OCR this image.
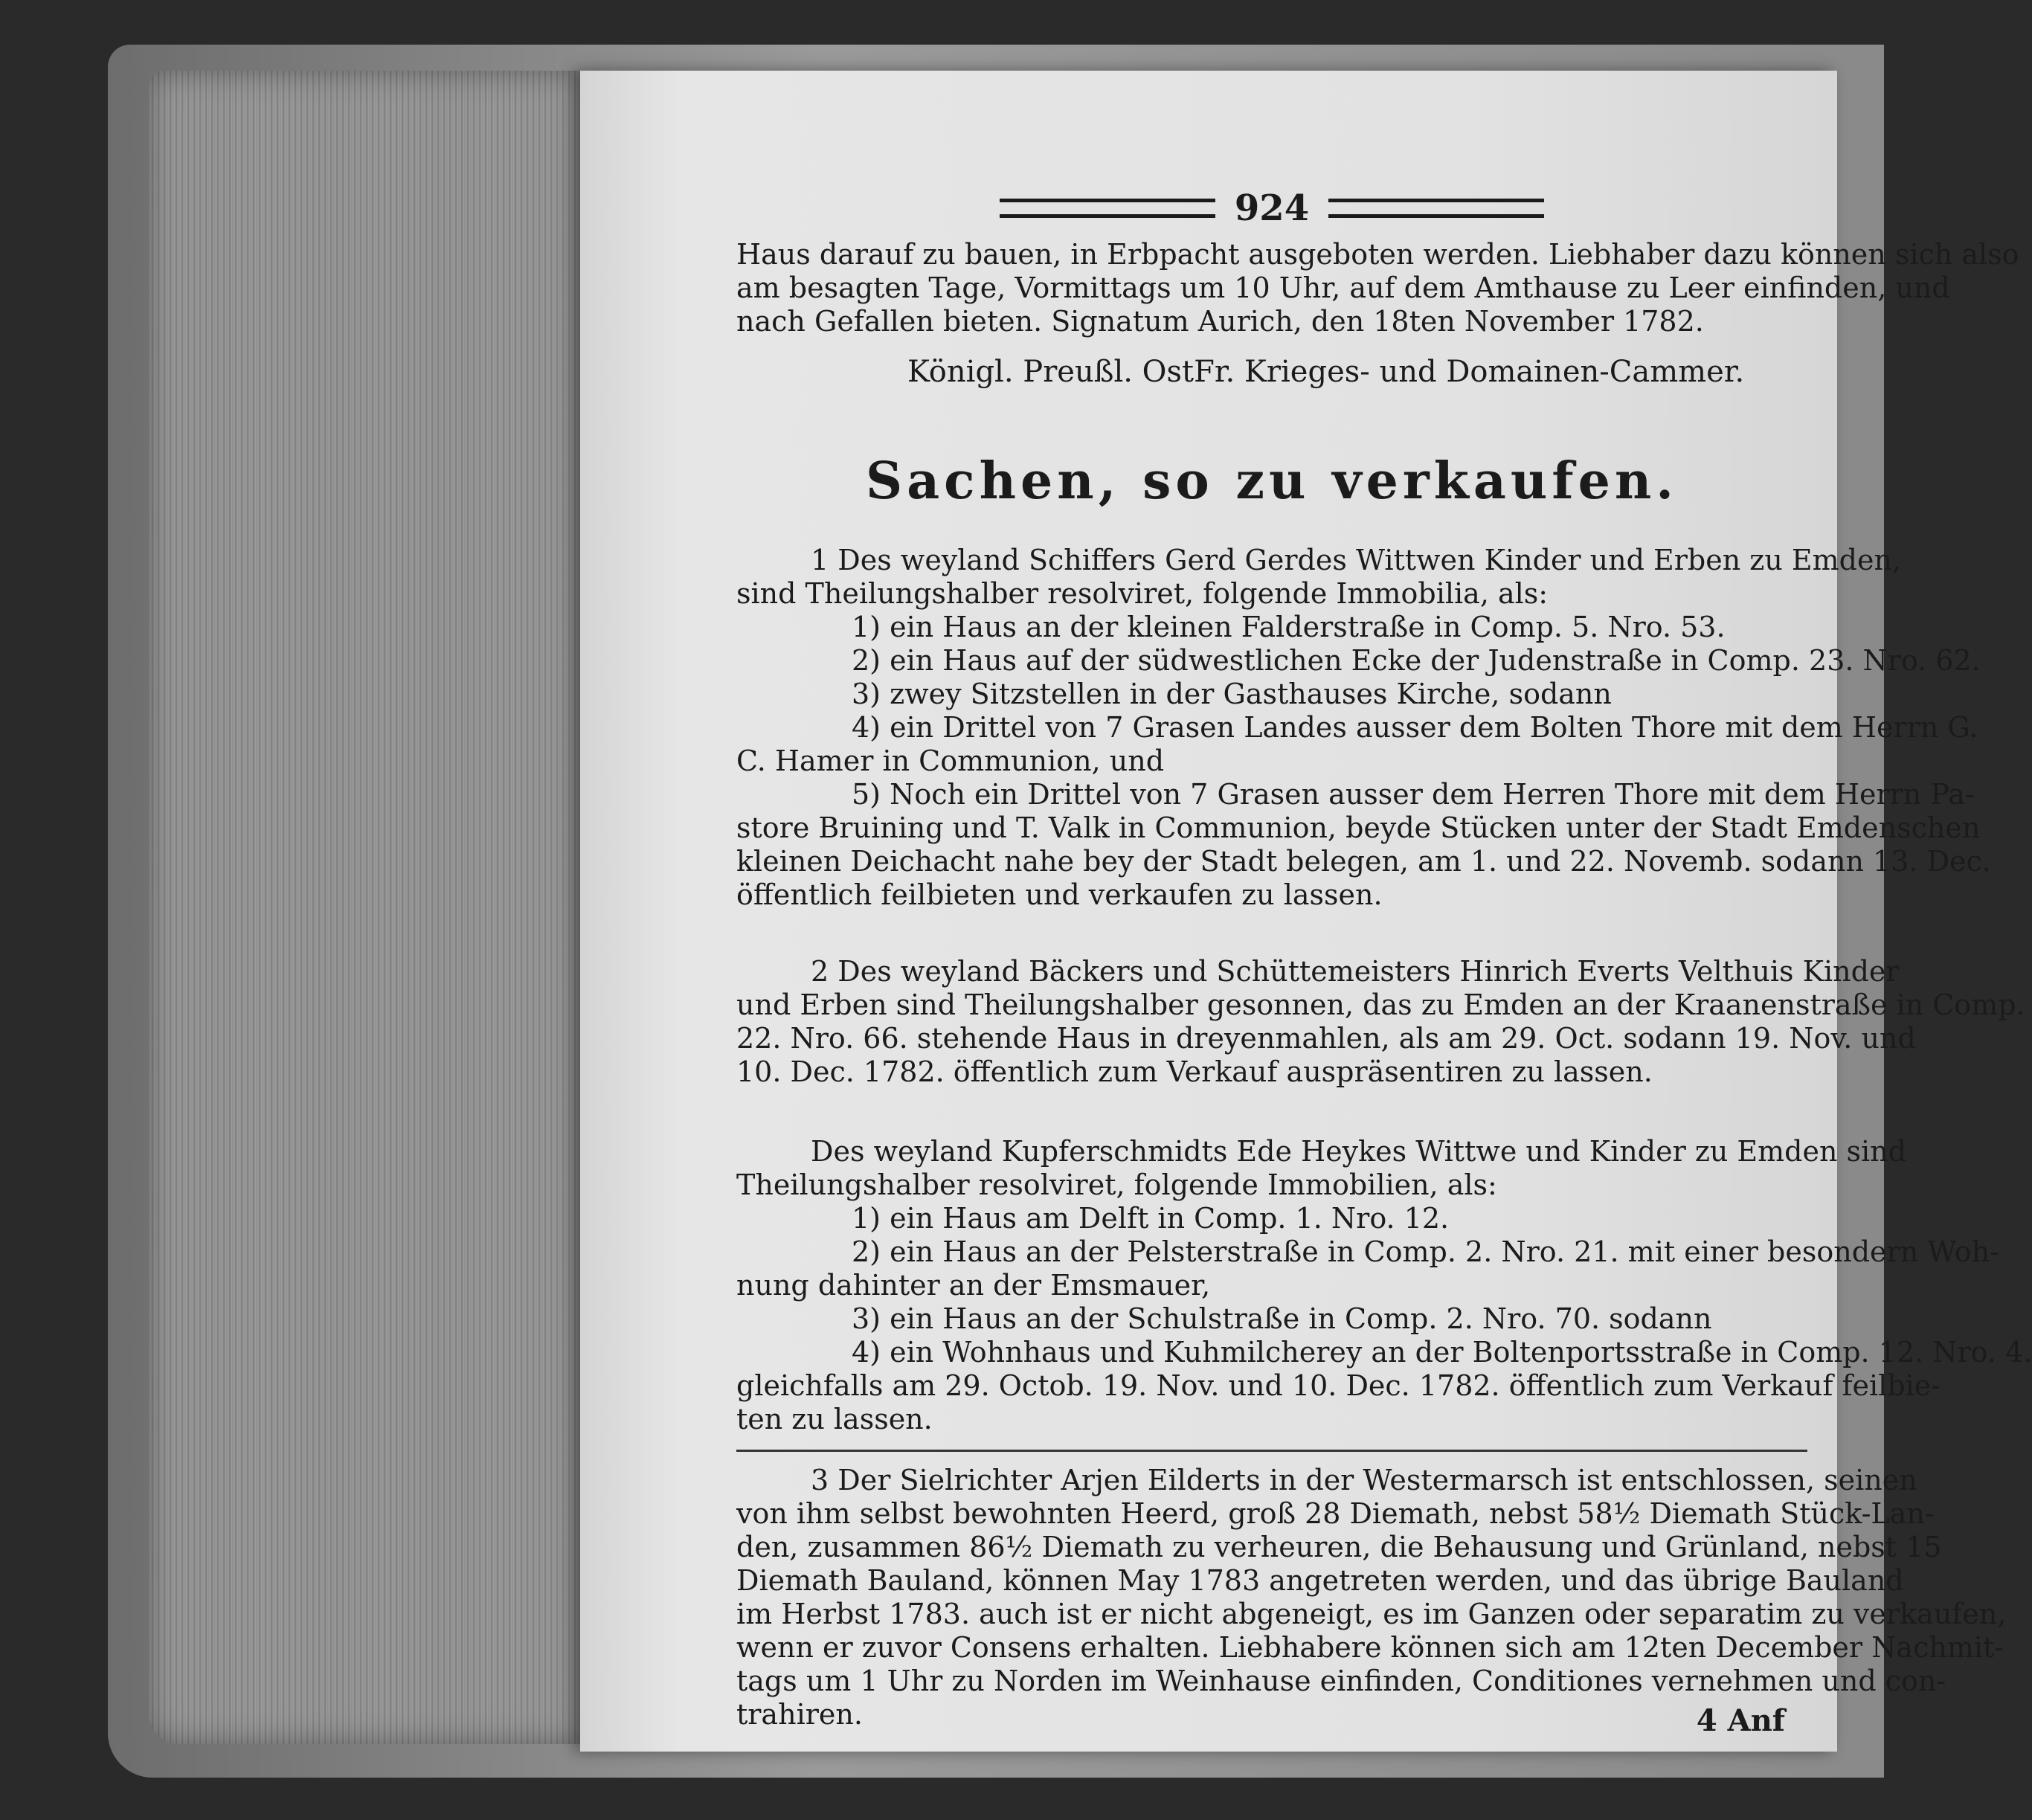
924
Haus darauf zu bauen, in Erbpacht ausgeboten werden. Liebhaber dazu können sich also
am besagten Tage, Vormittags um 10 Uhr, auf dem Amthause zu Leer einfinden, und
nach Gefallen bieten. Signatum Aurich, den 18ten November 1782.
Königl. Preußl. OstFr. Krieges- und Domainen-Cammer.
Sachen, so zu verkaufen.
1 Des weyland Schiffers Gerd Gerdes Wittwen Kinder und Erben zu Emden,
sind Theilungshalber resolviret, folgende Immobilia, als:
1) ein Haus an der kleinen Falderstraße in Comp. 5. Nro. 53.
2) ein Haus auf der südwestlichen Ecke der Judenstraße in Comp. 23. Nro. 62.
3) zwey Sitzstellen in der Gasthauses Kirche, sodann
4) ein Drittel von 7 Grasen Landes ausser dem Bolten Thore mit dem Herrn G.
C. Hamer in Communion, und
5) Noch ein Drittel von 7 Grasen ausser dem Herren Thore mit dem Herrn Pa-
store Bruining und T. Valk in Communion, beyde Stücken unter der Stadt Emdenschen
kleinen Deichacht nahe bey der Stadt belegen, am 1. und 22. Novemb. sodann 13. Dec.
öffentlich feilbieten und verkaufen zu lassen.
2 Des weyland Bäckers und Schüttemeisters Hinrich Everts Velthuis Kinder
und Erben sind Theilungshalber gesonnen, das zu Emden an der Kraanenstraße in Comp.
22. Nro. 66. stehende Haus in dreyenmahlen, als am 29. Oct. sodann 19. Nov. und
10. Dec. 1782. öffentlich zum Verkauf auspräsentiren zu lassen.
Des weyland Kupferschmidts Ede Heykes Wittwe und Kinder zu Emden sind
Theilungshalber resolviret, folgende Immobilien, als:
1) ein Haus am Delft in Comp. 1. Nro. 12.
2) ein Haus an der Pelsterstraße in Comp. 2. Nro. 21. mit einer besondern Woh-
nung dahinter an der Emsmauer,
3) ein Haus an der Schulstraße in Comp. 2. Nro. 70. sodann
4) ein Wohnhaus und Kuhmilcherey an der Boltenportsstraße in Comp. 12. Nro. 4.
gleichfalls am 29. Octob. 19. Nov. und 10. Dec. 1782. öffentlich zum Verkauf feilbie-
ten zu lassen.
3 Der Sielrichter Arjen Eilderts in der Westermarsch ist entschlossen, seinen
von ihm selbst bewohnten Heerd, groß 28 Diemath, nebst 58½ Diemath Stück-Lan-
den, zusammen 86½ Diemath zu verheuren, die Behausung und Grünland, nebst 15
Diemath Bauland, können May 1783 angetreten werden, und das übrige Bauland
im Herbst 1783. auch ist er nicht abgeneigt, es im Ganzen oder separatim zu verkaufen,
wenn er zuvor Consens erhalten. Liebhabere können sich am 12ten December Nachmit-
tags um 1 Uhr zu Norden im Weinhause einfinden, Conditiones vernehmen und con-
trahiren.	4 Anf
